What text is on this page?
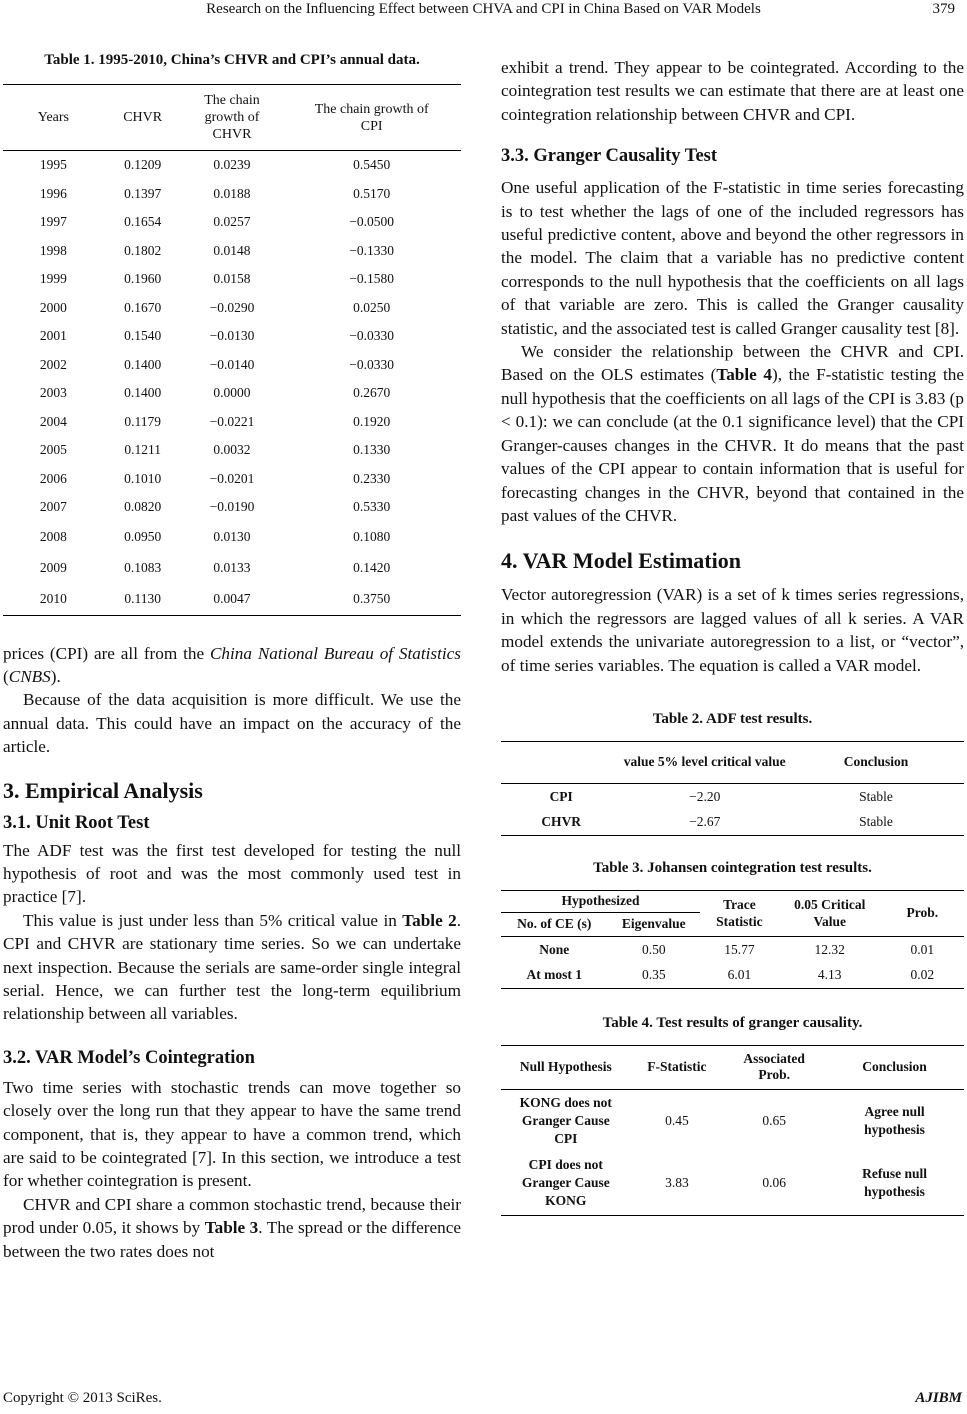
Research on the Influencing Effect between CHVA and CPI in China Based on VAR Models	379
Table 1. 1995-2010, China’s CHVR and CPI’s annual data.
Years	CHVR	The chain growth of CHVR	The chain growth of CPI
1995	0.1209	0.0239	0.5450
1996	0.1397	0.0188	0.5170
1997	0.1654	0.0257	−0.0500
1998	0.1802	0.0148	−0.1330
1999	0.1960	0.0158	−0.1580
2000	0.1670	−0.0290	0.0250
2001	0.1540	−0.0130	−0.0330
2002	0.1400	−0.0140	−0.0330
2003	0.1400	0.0000	0.2670
2004	0.1179	−0.0221	0.1920
2005	0.1211	0.0032	0.1330
2006	0.1010	−0.0201	0.2330
2007	0.0820	−0.0190	0.5330
2008	0.0950	0.0130	0.1080
2009	0.1083	0.0133	0.1420
2010	0.1130	0.0047	0.3750

prices (CPI) are all from the China National Bureau of Statistics (CNBS).

Because of the data acquisition is more difficult. We use the annual data. This could have an impact on the accuracy of the article.

3. Empirical Analysis
3.1. Unit Root Test

The ADF test was the first test developed for testing the null hypothesis of root and was the most commonly used test in practice [7].

This value is just under less than 5% critical value in Table 2. CPI and CHVR are stationary time series. So we can undertake next inspection. Because the serials are same-order single integral serial. Hence, we can further test the long-term equilibrium relationship between all variables.

3.2. VAR Model’s Cointegration

Two time series with stochastic trends can move together so closely over the long run that they appear to have the same trend component, that is, they appear to have a common trend, which are said to be cointegrated [7]. In this section, we introduce a test for whether cointegration is present.

CHVR and CPI share a common stochastic trend, because their prod under 0.05, it shows by Table 3. The spread or the difference between the two rates does not

exhibit a trend. They appear to be cointegrated. According to the cointegration test results we can estimate that there are at least one cointegration relationship between CHVR and CPI.

3.3. Granger Causality Test

One useful application of the F-statistic in time series forecasting is to test whether the lags of one of the included regressors has useful predictive content, above and beyond the other regressors in the model. The claim that a variable has no predictive content corresponds to the null hypothesis that the coefficients on all lags of that variable are zero. This is called the Granger causality statistic, and the associated test is called Granger causality test [8].

We consider the relationship between the CHVR and CPI. Based on the OLS estimates (Table 4), the F-statistic testing the null hypothesis that the coefficients on all lags of the CPI is 3.83 (p < 0.1): we can conclude (at the 0.1 significance level) that the CPI Granger-causes changes in the CHVR. It do means that the past values of the CPI appear to contain information that is useful for forecasting changes in the CHVR, beyond that contained in the past values of the CHVR.

4. VAR Model Estimation

Vector autoregression (VAR) is a set of k times series regressions, in which the regressors are lagged values of all k series. A VAR model extends the univariate autoregression to a list, or “vector”, of time series variables. The equation is called a VAR model.

Table 2. ADF test results.
	value 5% level critical value	Conclusion
CPI	−2.20	Stable
CHVR	−2.67	Stable
Table 3. Johansen cointegration test results.
Hypothesized		Trace Statistic	0.05 Critical Value	Prob.
No. of CE (s)	Eigenvalue			
None	0.50	15.77	12.32	0.01
At most 1	0.35	6.01	4.13	0.02
Table 4. Test results of granger causality.
Null Hypothesis	F-Statistic	Associated Prob.	Conclusion
KONG does not Granger Cause CPI	0.45	0.65	Agree null hypothesis
CPI does not Granger Cause KONG	3.83	0.06	Refuse null hypothesis
Copyright © 2013 SciRes.	AJIBM
